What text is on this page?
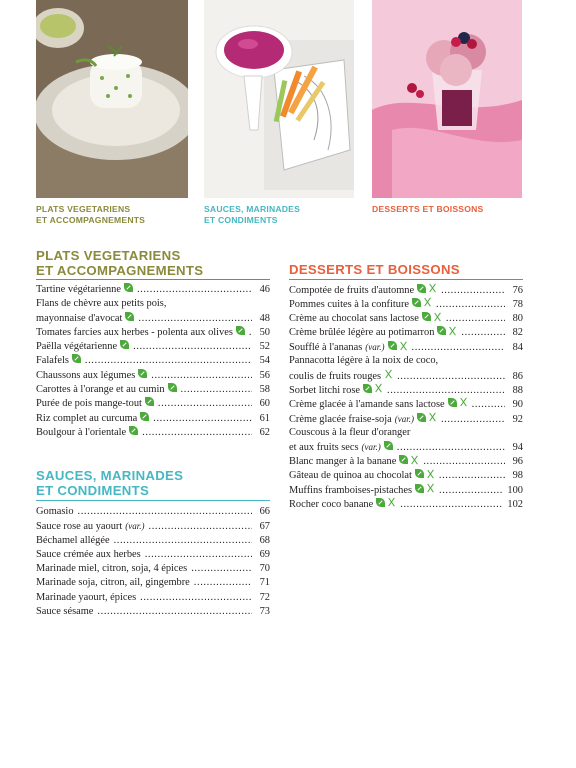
PLATS VEGETARIENS
ET ACCOMPAGNEMENTS
SAUCES, MARINADES
ET CONDIMENTS
DESSERTS ET BOISSONS
PLATS VEGETARIENS
ET ACCOMPAGNEMENTS
Tartine végétarienne .....	46
Flans de chèvre aux petits pois,
mayonnaise d'avocat .....	48
Tomates farcies aux herbes - polenta aux olives .....	50
Paëlla végétarienne .....	52
Falafels .....	54
Chaussons aux légumes .....	56
Carottes à l'orange et au cumin .....	58
Purée de pois mange-tout .....	60
Riz complet au curcuma .....	61
Boulgour à l'orientale .....	62
SAUCES, MARINADES
ET CONDIMENTS
Gomasio .....	66
Sauce rose au yaourt (var.) .....	67
Béchamel allégée .....	68
Sauce crémée aux herbes .....	69
Marinade miel, citron, soja, 4 épices .....	70
Marinade soja, citron, ail, gingembre .....	71
Marinade yaourt, épices .....	72
Sauce sésame .....	73
DESSERTS ET BOISSONS
Compotée de fruits d'automne .....	76
Pommes cuites à la confiture .....	78
Crème au chocolat sans lactose .....	80
Crème brûlée légère au potimarron .....	82
Soufflé à l'ananas (var.) .....	84
Pannacotta légère à la noix de coco,
coulis de fruits rouges .....	86
Sorbet litchi rose .....	88
Crème glacée à l'amande sans lactose .....	90
Crème glacée fraise-soja (var.) .....	92
Couscous à la fleur d'oranger
et aux fruits secs (var.) .....	94
Blanc manger à la banane .....	96
Gâteau de quinoa au chocolat .....	98
Muffins framboises-pistaches .....	100
Rocher coco banane .....	102
